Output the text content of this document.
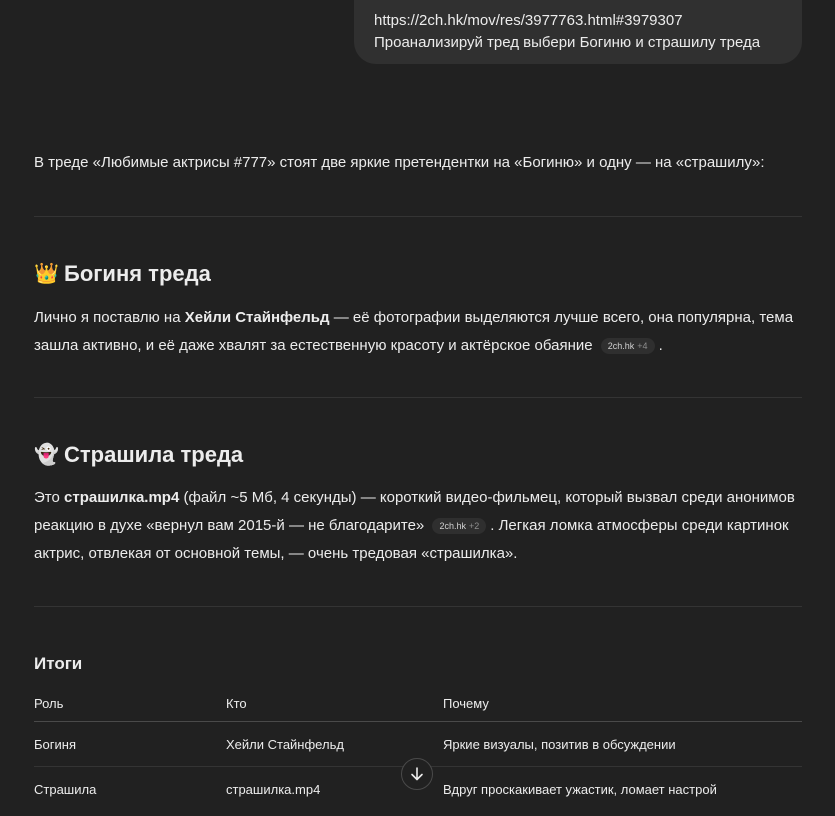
https://2ch.hk/mov/res/3977763.html#3979307
Проанализируй тред выбери Богиню и страшилу треда

В треде «Любимые актрисы #777» стоят две яркие претендентки на «Богиню» и одну — на «страшилу»:

👑 Богиня треда

Лично я поставлю на Хейли Стайнфельд — её фотографии выделяются лучше всего, она популярна, тема зашла активно, и её даже хвалят за естественную красоту и актёрское обаяние 2ch.hk +4 .

👻 Страшила треда

Это страшилка.mp4 (файл ~5 Мб, 4 секунды) — короткий видео-фильмец, который вызвал среди анонимов реакцию в духе «вернул вам 2015-й — не благодарите» 2ch.hk +2 . Легкая ломка атмосферы среди картинок актрис, отвлекая от основной темы, — очень тредовая «страшилка».

Итоги
Роль	Кто	Почему
Богиня	Хейли Стайнфельд	Яркие визуалы, позитив в обсуждении
Страшила	страшилка.mp4	Вдруг проскакивает ужастик, ломает настрой
